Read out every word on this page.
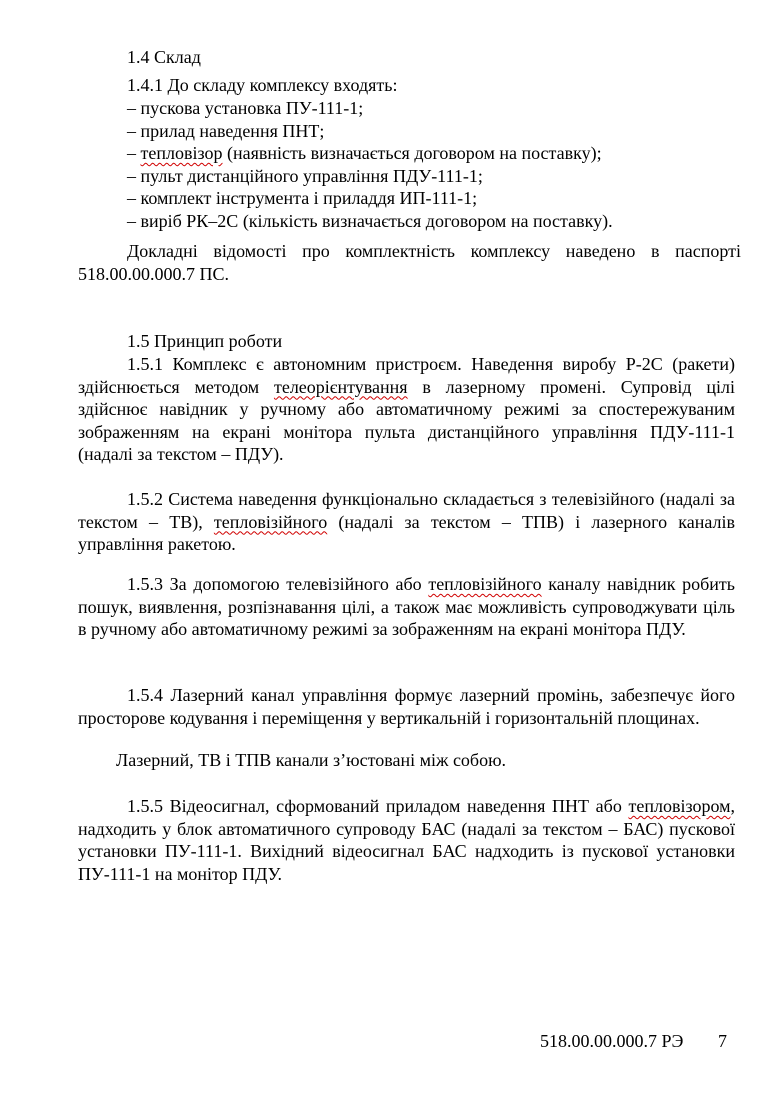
1.4 Склад
1.4.1 До складу комплексу входять:
– пускова установка ПУ-111-1;
– прилад наведення ПНТ;
– тепловізор (наявність визначається договором на поставку);
– пульт дистанційного управління ПДУ-111-1;
– комплект інструмента і приладдя ИП-111-1;
– виріб РК–2С (кількість визначається договором на поставку).
Докладні відомості про комплектність комплексу наведено в паспорті 518.00.00.000.7 ПС.
1.5 Принцип роботи
1.5.1 Комплекс є автономним пристроєм. Наведення виробу Р-2С (ракети) здійснюється методом телеорієнтування в лазерному промені. Супровід цілі здійснює навідник у ручному або автоматичному режимі за спостережуваним зображенням на екрані монітора пульта дистанційного управління ПДУ-111-1 (надалі за текстом – ПДУ).
1.5.2 Система наведення функціонально складається з телевізійного (надалі за текстом – ТВ), тепловізійного (надалі за текстом – ТПВ) і лазерного каналів управління ракетою.
1.5.3 За допомогою телевізійного або тепловізійного каналу навідник робить пошук, виявлення, розпізнавання цілі, а також має можливість супроводжувати ціль в ручному або автоматичному режимі за зображенням на екрані монітора ПДУ.
1.5.4 Лазерний канал управління формує лазерний промінь, забезпечує його просторове кодування і переміщення у вертикальній і горизонтальній площинах.
Лазерний, ТВ і ТПВ канали з’юстовані між собою.
1.5.5 Відеосигнал, сформований приладом наведення ПНТ або тепловізором, надходить у блок автоматичного супроводу БАС (надалі за текстом – БАС) пускової установки ПУ-111-1. Вихідний відеосигнал БАС надходить із пускової установки ПУ-111-1 на монітор ПДУ.
518.00.00.000.7 РЭ 7
